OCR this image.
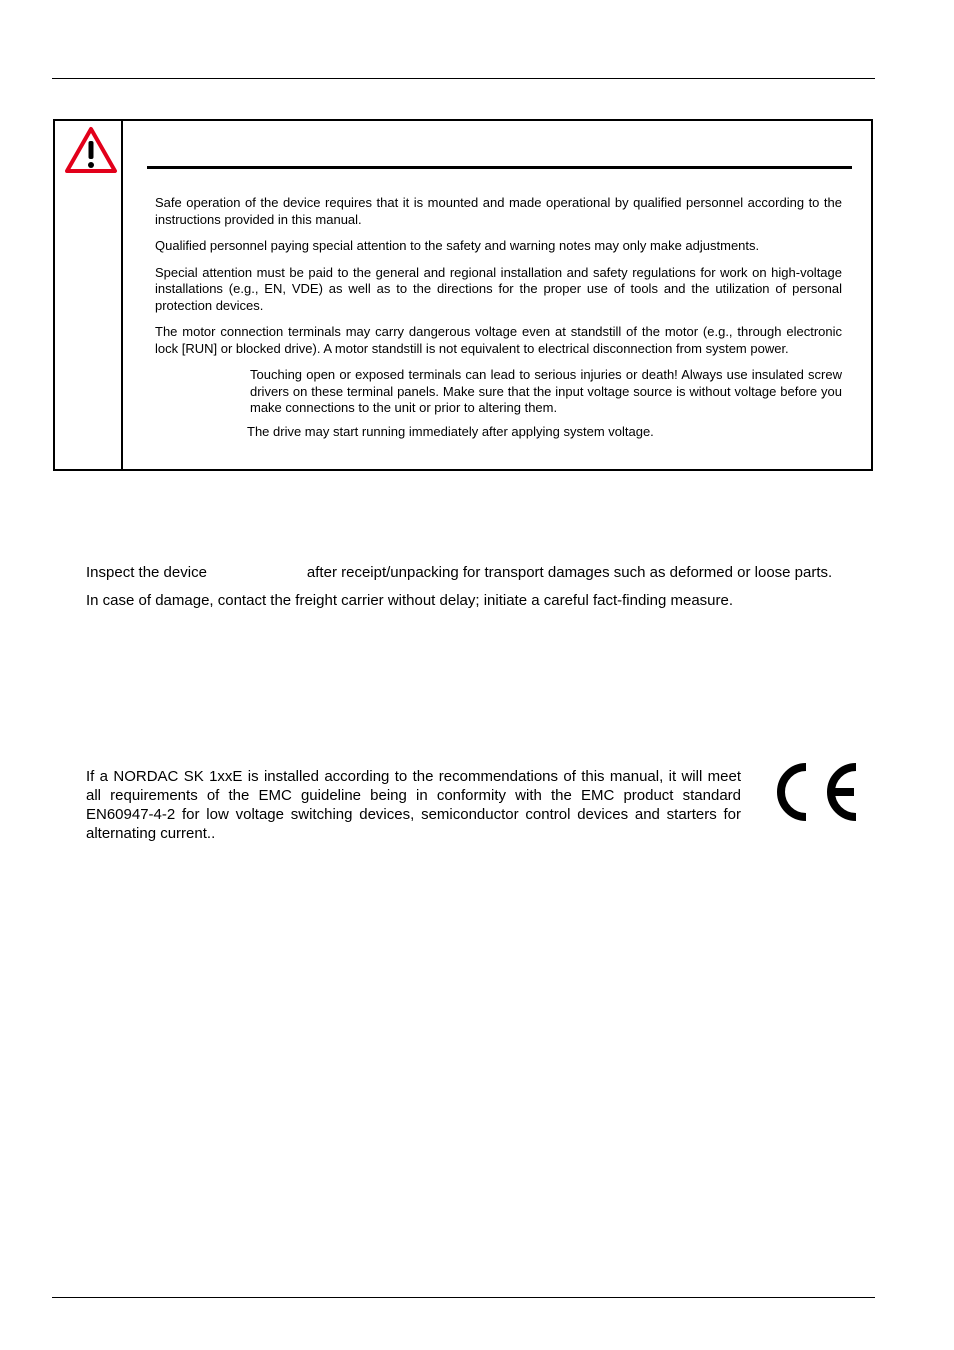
Safe operation of the device requires that it is mounted and made operational by qualified personnel according to the instructions provided in this manual.

Qualified personnel paying special attention to the safety and warning notes may only make adjustments.

Special attention must be paid to the general and regional installation and safety regulations for work on high-voltage installations (e.g., EN, VDE) as well as to the directions for the proper use of tools and the utilization of personal protection devices.

The motor connection terminals may carry dangerous voltage even at standstill of the motor (e.g., through electronic lock [RUN] or blocked drive). A motor standstill is not equivalent to electrical disconnection from system power.

Touching open or exposed terminals can lead to serious injuries or death! Always use insulated screw drivers on these terminal panels. Make sure that the input voltage source is without voltage before you make connections to the unit or prior to altering them.

The drive may start running immediately after applying system voltage.

Inspect the device	after receipt/unpacking for transport damages such as deformed or loose parts.
In case of damage, contact the freight carrier without delay; initiate a careful fact-finding measure.
If a NORDAC SK 1xxE is installed according to the recommendations of this manual, it will meet all requirements of the EMC guideline being in conformity with the EMC product standard EN60947-4-2 for low voltage switching devices, semiconductor control devices and starters for alternating current..
